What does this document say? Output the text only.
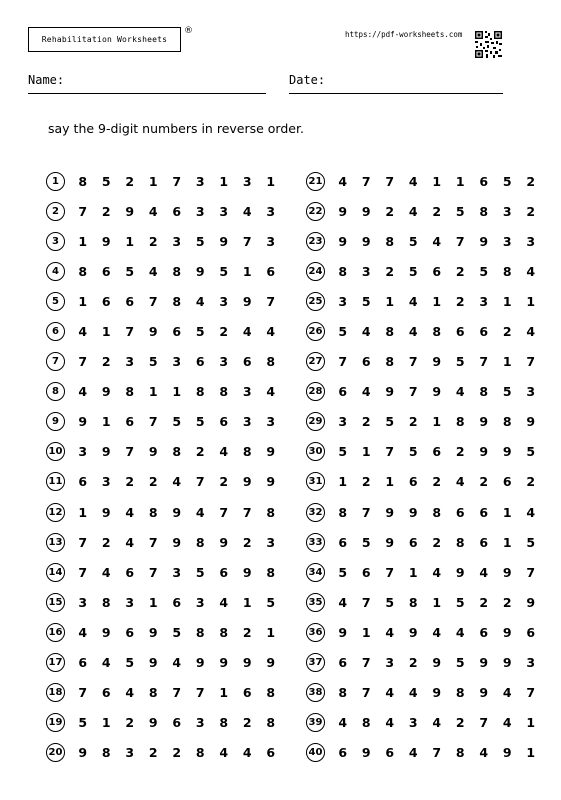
Rehabilitation Worksheets
®	https://pdf-worksheets.com
Name:	Date:
say the 9-digit numbers in reverse order.
1	8	5	2	1	7	3	1	3	1
2	7	2	9	4	6	3	3	4	3
3	1	9	1	2	3	5	9	7	3
4	8	6	5	4	8	9	5	1	6
5	1	6	6	7	8	4	3	9	7
6	4	1	7	9	6	5	2	4	4
7	7	2	3	5	3	6	3	6	8
8	4	9	8	1	1	8	8	3	4
9	9	1	6	7	5	5	6	3	3
10	3	9	7	9	8	2	4	8	9
11	6	3	2	2	4	7	2	9	9
12	1	9	4	8	9	4	7	7	8
13	7	2	4	7	9	8	9	2	3
14	7	4	6	7	3	5	6	9	8
15	3	8	3	1	6	3	4	1	5
16	4	9	6	9	5	8	8	2	1
17	6	4	5	9	4	9	9	9	9
18	7	6	4	8	7	7	1	6	8
19	5	1	2	9	6	3	8	2	8
20	9	8	3	2	2	8	4	4	6
21	4	7	7	4	1	1	6	5	2
22	9	9	2	4	2	5	8	3	2
23	9	9	8	5	4	7	9	3	3
24	8	3	2	5	6	2	5	8	4
25	3	5	1	4	1	2	3	1	1
26	5	4	8	4	8	6	6	2	4
27	7	6	8	7	9	5	7	1	7
28	6	4	9	7	9	4	8	5	3
29	3	2	5	2	1	8	9	8	9
30	5	1	7	5	6	2	9	9	5
31	1	2	1	6	2	4	2	6	2
32	8	7	9	9	8	6	6	1	4
33	6	5	9	6	2	8	6	1	5
34	5	6	7	1	4	9	4	9	7
35	4	7	5	8	1	5	2	2	9
36	9	1	4	9	4	4	6	9	6
37	6	7	3	2	9	5	9	9	3
38	8	7	4	4	9	8	9	4	7
39	4	8	4	3	4	2	7	4	1
40	6	9	6	4	7	8	4	9	1
